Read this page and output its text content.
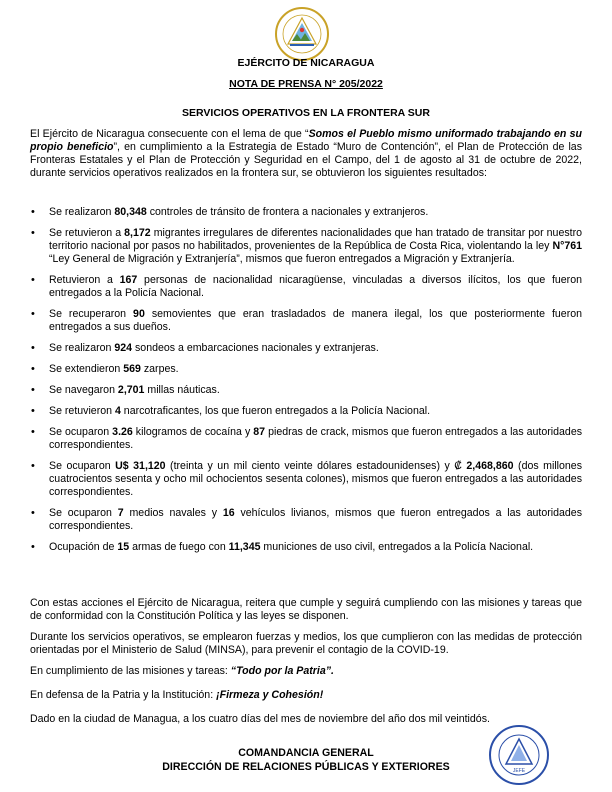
EJÉRCITO DE NICARAGUA
NOTA DE PRENSA N° 205/2022
SERVICIOS OPERATIVOS EN LA FRONTERA SUR
El Ejército de Nicaragua consecuente con el lema de que “Somos el Pueblo mismo uniformado trabajando en su propio beneficio”, en cumplimiento a la Estrategia de Estado “Muro de Contención”, el Plan de Protección de las Fronteras Estatales y el Plan de Protección y Seguridad en el Campo, del 1 de agosto al 31 de octubre de 2022, durante servicios operativos realizados en la frontera sur, se obtuvieron los siguientes resultados:
• Se realizaron 80,348 controles de tránsito de frontera a nacionales y extranjeros.
• Se retuvieron a 8,172 migrantes irregulares de diferentes nacionalidades que han tratado de transitar por nuestro territorio nacional por pasos no habilitados, provenientes de la República de Costa Rica, violentando la ley N°761 “Ley General de Migración y Extranjería”, mismos que fueron entregados a Migración y Extranjería.
• Retuvieron a 167 personas de nacionalidad nicaragüense, vinculadas a diversos ilícitos, los que fueron entregados a la Policía Nacional.
• Se recuperaron 90 semovientes que eran trasladados de manera ilegal, los que posteriormente fueron entregados a sus dueños.
• Se realizaron 924 sondeos a embarcaciones nacionales y extranjeras.
• Se extendieron 569 zarpes.
• Se navegaron 2,701 millas náuticas.
• Se retuvieron 4 narcotraficantes, los que fueron entregados a la Policía Nacional.
• Se ocuparon 3.26 kilogramos de cocaína y 87 piedras de crack, mismos que fueron entregados a las autoridades correspondientes.
• Se ocuparon U$ 31,120 (treinta y un mil ciento veinte dólares estadounidenses) y ₡ 2,468,860 (dos millones cuatrocientos sesenta y ocho mil ochocientos sesenta colones), mismos que fueron entregados a las autoridades correspondientes.
• Se ocuparon 7 medios navales y 16 vehículos livianos, mismos que fueron entregados a las autoridades correspondientes.
• Ocupación de 15 armas de fuego con 11,345 municiones de uso civil, entregados a la Policía Nacional.
Con estas acciones el Ejército de Nicaragua, reitera que cumple y seguirá cumpliendo con las misiones y tareas que de conformidad con la Constitución Política y las leyes se disponen.
Durante los servicios operativos, se emplearon fuerzas y medios, los que cumplieron con las medidas de protección orientadas por el Ministerio de Salud (MINSA), para prevenir el contagio de la COVID-19.
En cumplimiento de las misiones y tareas: “Todo por la Patria”.
En defensa de la Patria y la Institución: ¡Firmeza y Cohesión!
Dado en la ciudad de Managua, a los cuatro días del mes de noviembre del año dos mil veintidós.
COMANDANCIA GENERAL
DIRECCIÓN DE RELACIONES PÚBLICAS Y EXTERIORES	JEFE
